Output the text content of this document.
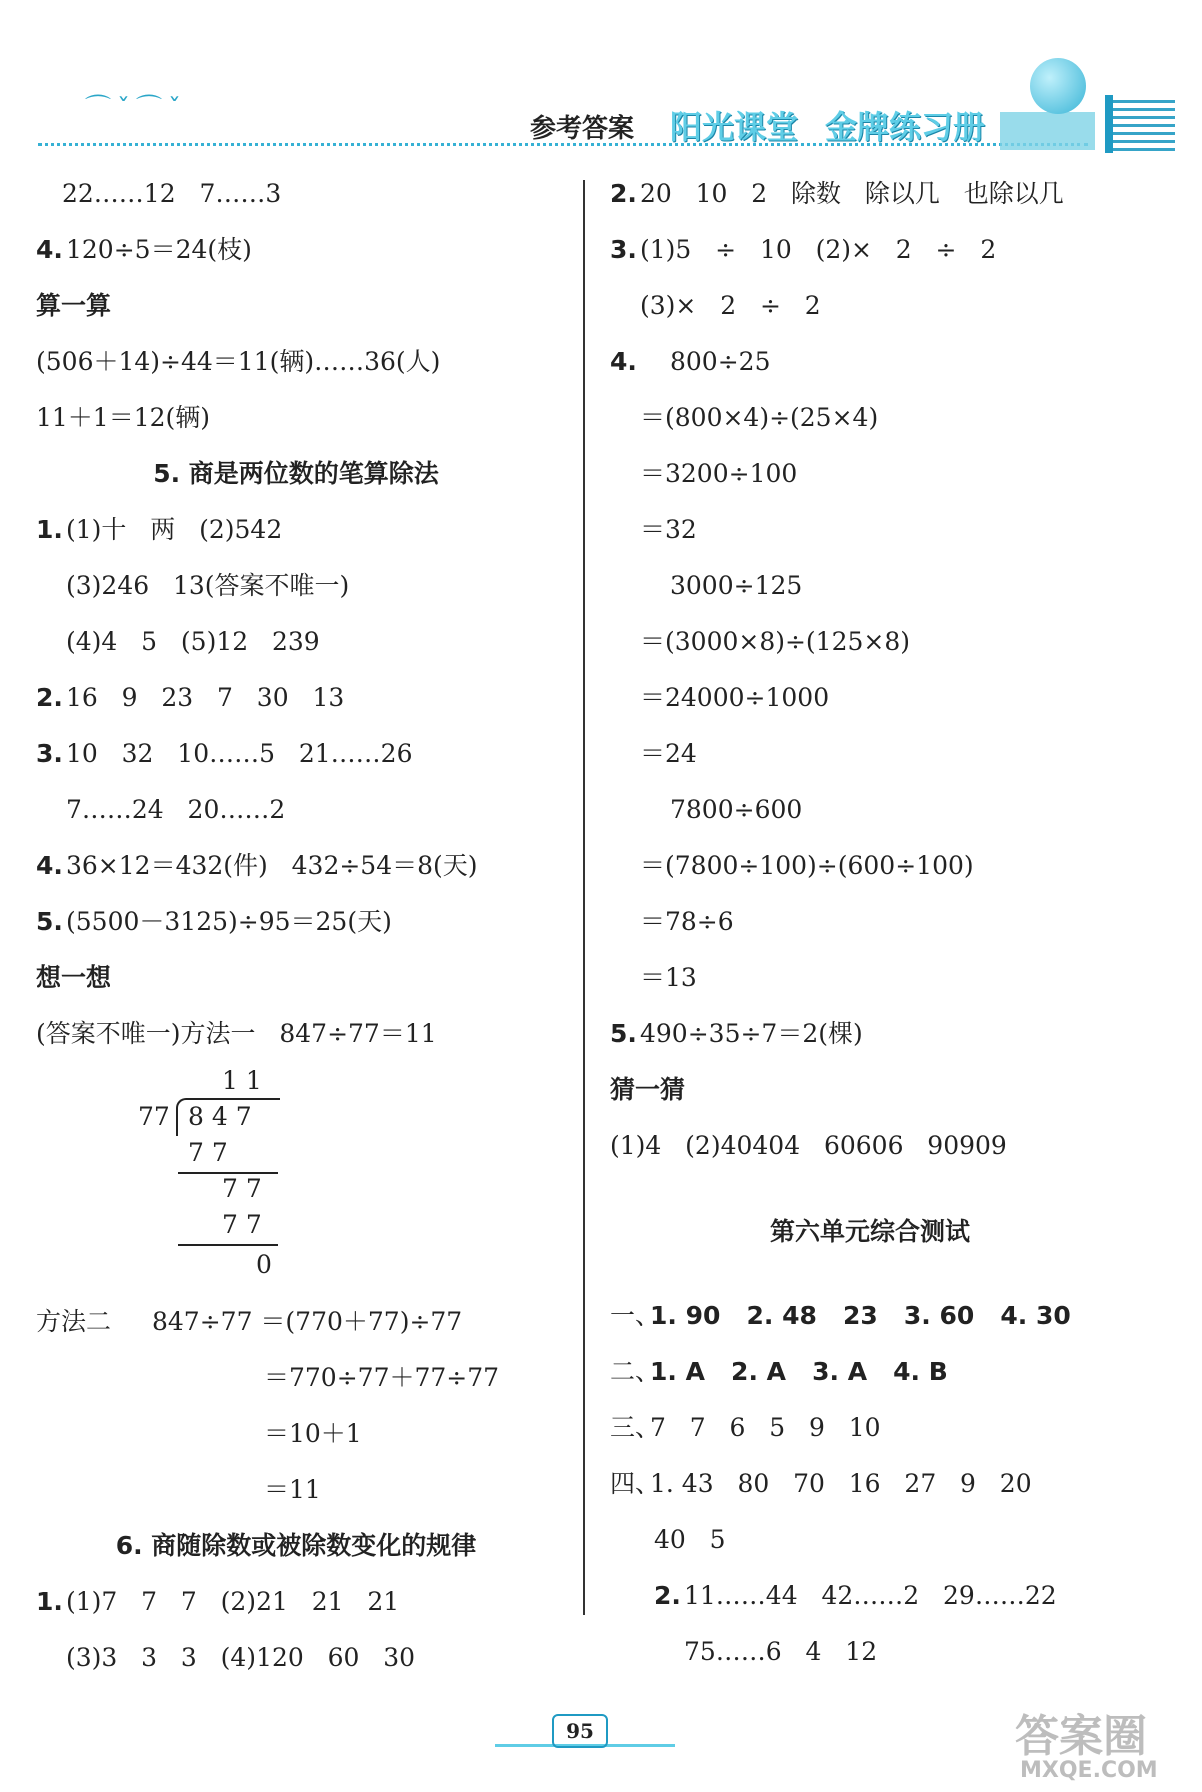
⌒ˇ⌒ˇ
参考答案 阳光课堂 金牌练习册
22……12   7……3
4. 120÷5＝24(枝)
算一算
(506＋14)÷44＝11(辆)……36(人)
11＋1＝12(辆)
5. 商是两位数的笔算除法
1. (1)十   两   (2)542
(3)246   13(答案不唯一)
(4)4   5   (5)12   239
2. 16   9   23   7   30   13
3. 10   32   10……5   21……26
7……24   20……2
4. 36×12＝432(件)   432÷54＝8(天)
5. (5500－3125)÷95＝25(天)
想一想
(答案不唯一)方法一   847÷77＝11
1 1
77 8 4 7
7 7
7 7
7 7
0
方法二 847÷77 ＝(770＋77)÷77
＝770÷77＋77÷77
＝10＋1
＝11
6. 商随除数或被除数变化的规律
1. (1)7   7   7   (2)21   21   21
(3)3   3   3   (4)120   60   30
2. 20   10   2   除数   除以几   也除以几
3. (1)5   ÷   10   (2)×   2   ÷   2
(3)×   2   ÷   2
4. 800÷25
＝(800×4)÷(25×4)
＝3200÷100
＝32
3000÷125
＝(3000×8)÷(125×8)
＝24000÷1000
＝24
7800÷600
＝(7800÷100)÷(600÷100)
＝78÷6
＝13
5. 490÷35÷7＝2(棵)
猜一猜
(1)4   (2)40404   60606   90909
第六单元综合测试
一、
1. 90   2. 48   23   3. 60   4. 30
二、
1. A   2. A   3. A   4. B
三、
7   7   6   5   9   10
四、
1. 43   80   70   16   27   9   20
40   5
2. 11……44   42……2   29……22
75……6   4   12
95	答案圈
MXQE.COM
